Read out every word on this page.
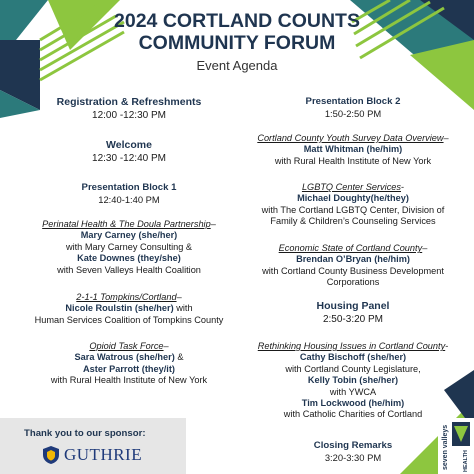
2024 CORTLAND COUNTS
COMMUNITY FORUM
Event Agenda
Registration & Refreshments
12:00 -12:30 PM
Welcome
12:30 -12:40 PM
Presentation Block 1
12:40-1:40 PM
Perinatal Health & The Doula Partnership–
Mary Carney (she/her)
with Mary Carney Consulting &
Kate Downes (they/she)
with Seven Valleys Health Coalition
2-1-1 Tompkins/Cortland–
Nicole Roulstin (she/her) with
Human Services Coalition of Tompkins County
Opioid Task Force–
Sara Watrous (she/her) &
Aster Parrott (they/it)
with Rural Health Institute of New York
Presentation Block 2
1:50-2:50 PM
Cortland County Youth Survey Data Overview–
Matt Whitman (he/him)
with Rural Health Institute of New York
LGBTQ Center Services-
Michael Doughty(he/they)
with The Cortland LGBTQ Center, Division of
Family & Children’s Counseling Services
Economic State of Cortland County–
Brendan O’Bryan (he/him)
with Cortland County Business Development
Corporations
Housing Panel
2:50-3:20 PM
Rethinking Housing Issues in Cortland County-
Cathy Bischoff (she/her)
with Cortland County Legislature,
Kelly Tobin (she/her)
with YWCA
Tim Lockwood (he/him)
with Catholic Charities of Cortland
Closing Remarks
3:20-3:30 PM
Thank you to our sponsor:
GUTHRIE	seven valleys	HEALTH
